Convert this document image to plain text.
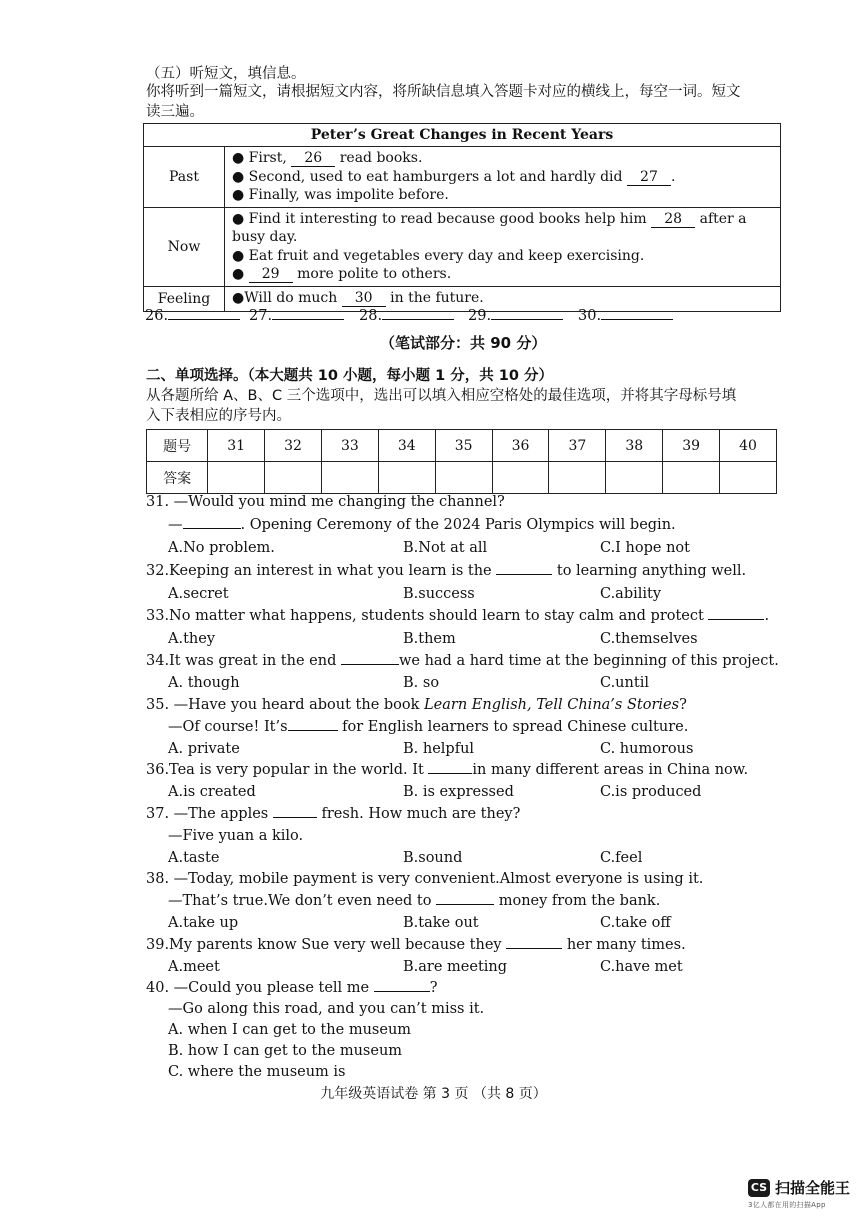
（五）听短文，填信息。
你将听到一篇短文，请根据短文内容，将所缺信息填入答题卡对应的横线上，每空一词。短文
读三遍。
Peter’s Great Changes in Recent Years	
Past	● First, 26 read books.
● Second, used to eat hamburgers a lot and hardly did 27 .
● Finally, was impolite before.

Now	● Find it interesting to read because good books help him 28 after a busy day.
● Eat fruit and vegetables every day and keep exercising.
● 29 more polite to others.

Feeling	●Will do much 30 in the future.
26.	27.	28.	29.	30.
（笔试部分：共 90 分）
二、单项选择。（本大题共 10 小题，每小题 1 分，共 10 分）
从各题所给 A、B、C 三个选项中，选出可以填入相应空格处的最佳选项，并将其字母标号填
入下表相应的序号内。
题号	31	32	33	34	35	36	37	38	39	40
答案										
31. —Would you mind me changing the channel?
—	. Opening Ceremony of the 2024 Paris Olympics will begin.
A.No problem.	B.Not at all	C.I hope not
32.Keeping an interest in what you learn is the	to learning anything well.
A.secret	B.success	C.ability
33.No matter what happens, students should learn to stay calm and protect	.
A.they	B.them	C.themselves
34.It was great in the end	we had a hard time at the beginning of this project.
A. though	B. so	C.until
35. —Have you heard about the book Learn English, Tell China’s Stories?
—Of course! It’s	for English learners to spread Chinese culture.
A. private	B. helpful	C. humorous
36.Tea is very popular in the world. It	in many different areas in China now.
A.is created	B. is expressed	C.is produced
37. —The apples	fresh. How much are they?
—Five yuan a kilo.
A.taste	B.sound	C.feel
38. —Today, mobile payment is very convenient.Almost everyone is using it.
—That’s true.We don’t even need to	money from the bank.
A.take up	B.take out	C.take off
39.My parents know Sue very well because they	her many times.
A.meet	B.are meeting	C.have met
40. —Could you please tell me	?
—Go along this road, and you can’t miss it.
A. when I can get to the museum
B. how I can get to the museum
C. where the museum is
九年级英语试卷 第 3 页 （共 8 页）
CS 扫描全能王
3亿人都在用的扫描App
